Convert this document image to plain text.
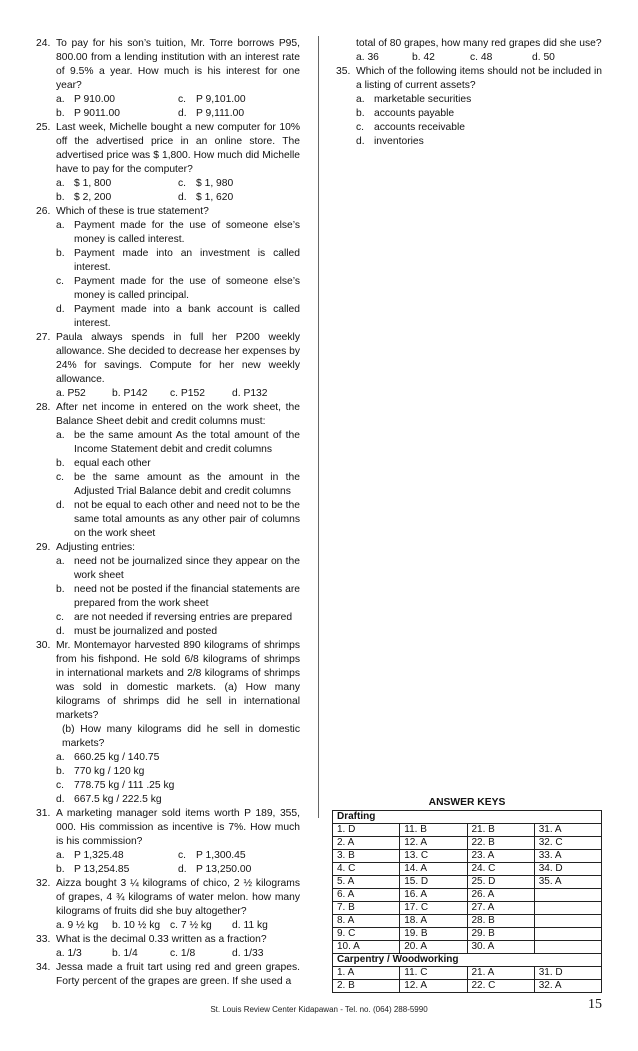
24. To pay for his son’s tuition, Mr. Torre borrows P95, 800.00 from a lending institution with an interest rate of 9.5% a year. How much is his interest for one year?
a. P 910.00	c. P 9,101.00
b. P 9011.00	d. P 9,111.00
25. Last week, Michelle bought a new computer for 10% off the advertised price in an online store. The advertised price was $ 1,800. How much did Michelle have to pay for the computer?
a. $ 1, 800	c. $ 1, 980
b. $ 2, 200	d. $ 1, 620
26. Which of these is true statement?
a. Payment made for the use of someone else’s money is called interest.
b. Payment made into an investment is called interest.
c. Payment made for the use of someone else’s money is called principal.
d. Payment made into a bank account is called interest.
27. Paula always spends in full her P200 weekly allowance. She decided to decrease her expenses by 24% for savings. Compute for her new weekly allowance.
a. P52	b. P142	c. P152	d. P132
28. After net income in entered on the work sheet, the Balance Sheet debit and credit columns must:
a. be the same amount As the total amount of the Income Statement debit and credit columns
b. equal each other
c. be the same amount as the amount in the Adjusted Trial Balance debit and credit columns
d. not be equal to each other and need not to be the same total amounts as any other pair of columns on the work sheet
29. Adjusting entries:
a. need not be journalized since they appear on the work sheet
b. need not be posted if the financial statements are prepared from the work sheet
c. are not needed if reversing entries are prepared
d. must be journalized and posted
30. Mr. Montemayor harvested 890 kilograms of shrimps from his fishpond. He sold 6/8 kilograms of shrimps in international markets and 2/8 kilograms of shrimps was sold in domestic markets. (a) How many kilograms of shrimps did he sell in international markets?
(b) How many kilograms did he sell in domestic markets?
a. 660.25 kg / 140.75
b. 770 kg / 120 kg
c. 778.75 kg / 111 .25 kg
d. 667.5 kg / 222.5 kg
31. A marketing manager sold items worth P 189, 355, 000. His commission as incentive is 7%. How much is his commission?
a. P 1,325.48	c. P 1,300.45
b. P 13,254.85	d. P 13,250.00
32. Aizza bought 3 ¼ kilograms of chico, 2 ½ kilograms of grapes, 4 ¾ kilograms of water melon. how many kilograms of fruits did she buy altogether?
a. 9 ½ kg	b. 10 ½ kg c. 7 ½ kg	d. 11 kg
33. What is the decimal 0.33 written as a fraction?
a. 1/3	b. 1/4	c. 1/8	d. 1/33
34. Jessa made a fruit tart using red and green grapes. Forty percent of the grapes are green. If she used a
total of 80 grapes, how many red grapes did she use?
a. 36	b. 42	c. 48	d. 50
35. Which of the following items should not be included in a listing of current assets?
a. marketable securities
b. accounts payable
c. accounts receivable
d. inventories
ANSWER KEYS
Drafting			
1. D	11. B	21. B	31. A
2. A	12. A	22. B	32. C
3. B	13. C	23. A	33. A
4. C	14. A	24. C	34. D
5. A	15. D	25. D	35. A
6. A	16. A	26. A	
7. B	17. C	27. A	
8. A	18. A	28. B	
9. C	19. B	29. B	
10. A	20. A	30. A	
Carpentry / Woodworking			
1. A	11. C	21. A	31. D
2. B	12. A	22. C	32. A
St. Louis Review Center Kidapawan - Tel. no. (064) 288-5990	15
